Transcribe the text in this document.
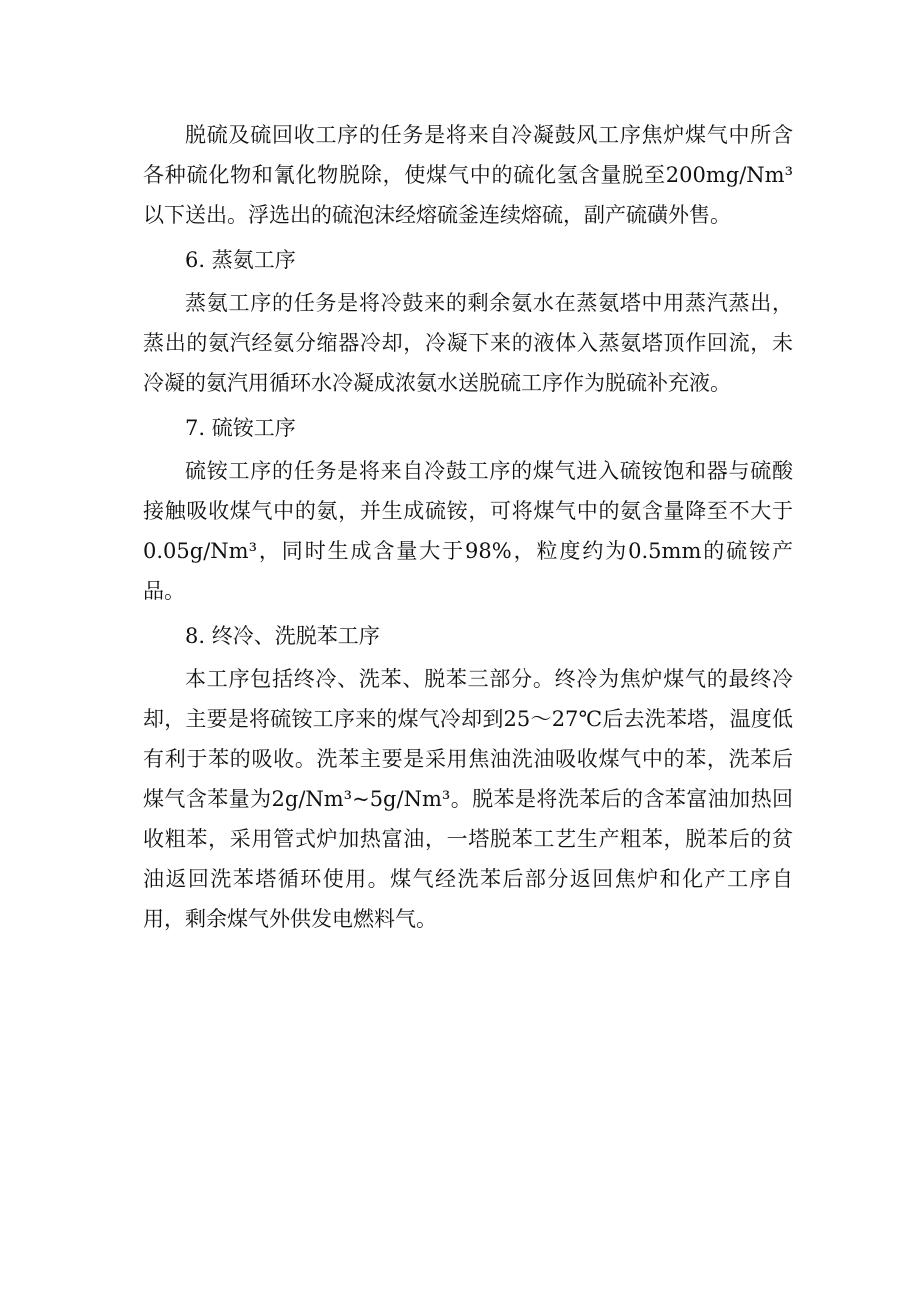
脱硫及硫回收工序的任务是将来自冷凝鼓风工序焦炉煤气中所含各种硫化物和氰化物脱除，使煤气中的硫化氢含量脱至200mg/Nm³以下送出。浮选出的硫泡沫经熔硫釜连续熔硫，副产硫磺外售。

6. 蒸氨工序

蒸氨工序的任务是将冷鼓来的剩余氨水在蒸氨塔中用蒸汽蒸出，蒸出的氨汽经氨分缩器冷却，冷凝下来的液体入蒸氨塔顶作回流，未冷凝的氨汽用循环水冷凝成浓氨水送脱硫工序作为脱硫补充液。

7. 硫铵工序

硫铵工序的任务是将来自冷鼓工序的煤气进入硫铵饱和器与硫酸接触吸收煤气中的氨，并生成硫铵，可将煤气中的氨含量降至不大于0.05g/Nm³，同时生成含量大于98%，粒度约为0.5mm的硫铵产品。

8. 终冷、洗脱苯工序

本工序包括终冷、洗苯、脱苯三部分。终冷为焦炉煤气的最终冷却，主要是将硫铵工序来的煤气冷却到25～27℃后去洗苯塔，温度低有利于苯的吸收。洗苯主要是采用焦油洗油吸收煤气中的苯，洗苯后煤气含苯量为2g/Nm³~5g/Nm³。脱苯是将洗苯后的含苯富油加热回收粗苯，采用管式炉加热富油，一塔脱苯工艺生产粗苯，脱苯后的贫油返回洗苯塔循环使用。煤气经洗苯后部分返回焦炉和化产工序自用，剩余煤气外供发电燃料气。
